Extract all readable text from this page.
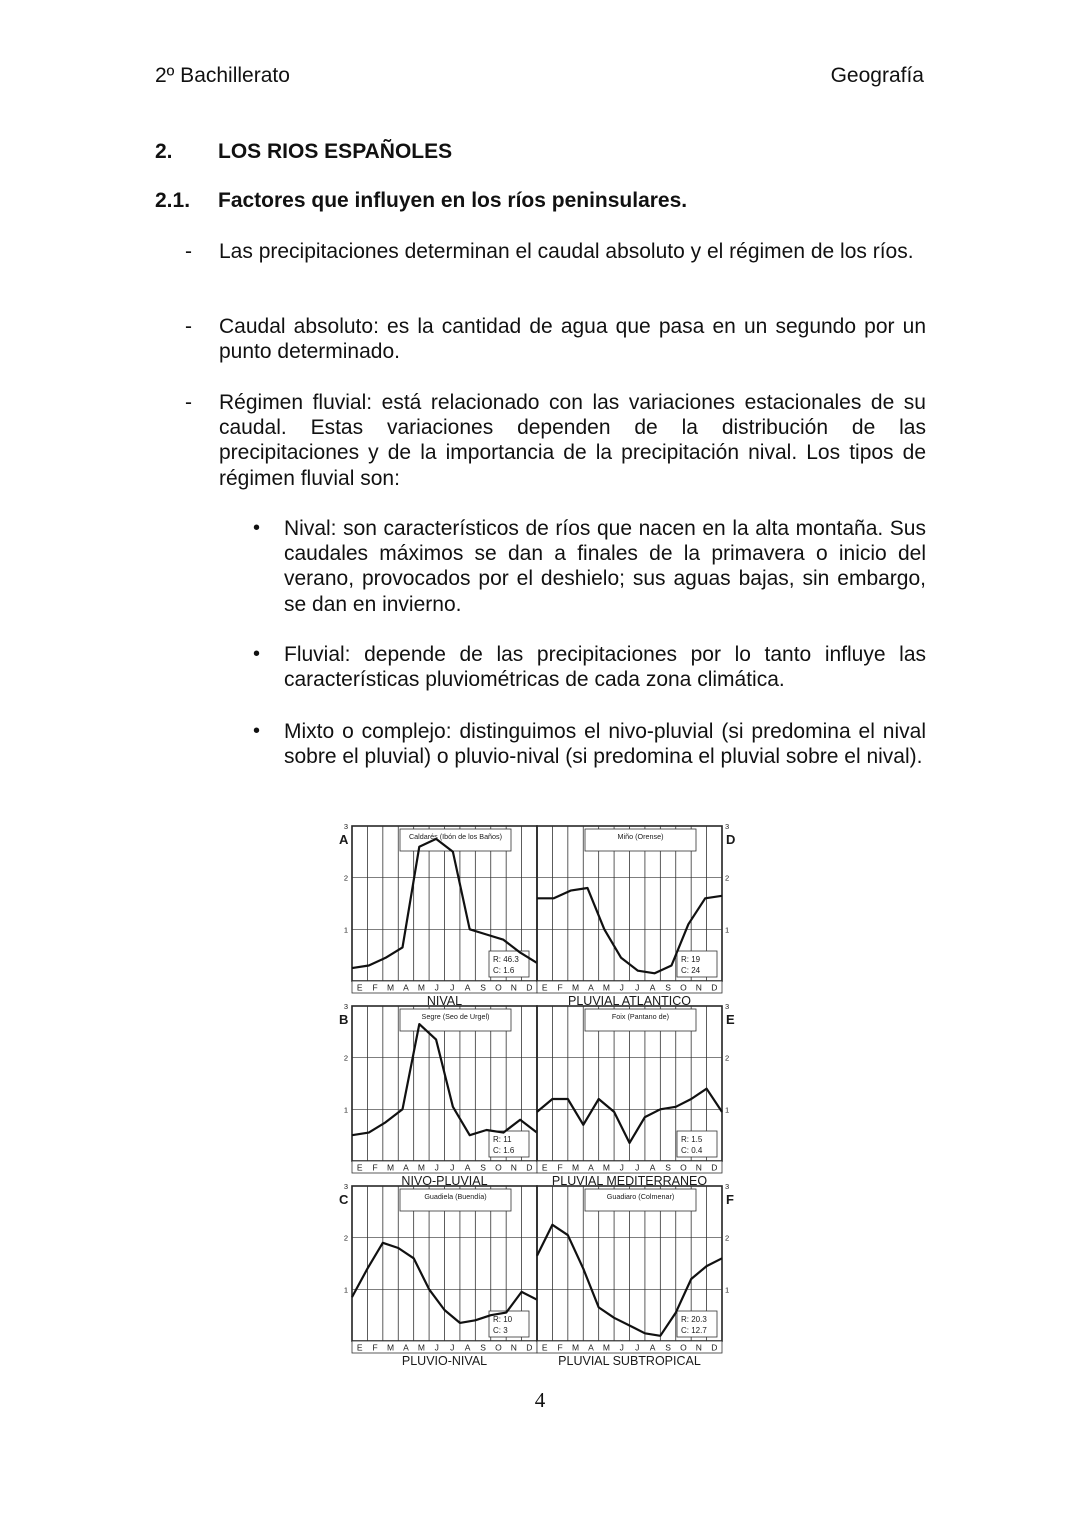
2º Bachillerato	Geografía
2. LOS RIOS ESPAÑOLES
2.1. Factores que influyen en los ríos peninsulares.
- Las precipitaciones determinan el caudal absoluto y el régimen de los ríos.
- Caudal absoluto: es la cantidad de agua que pasa en un segundo por un punto determinado.
- Régimen fluvial: está relacionado con las variaciones estacionales de su caudal. Estas variaciones dependen de la distribución de las precipitaciones y de la importancia de la precipitación nival. Los tipos de régimen fluvial son:
• Nival: son característicos de ríos que nacen en la alta montaña. Sus caudales máximos se dan a finales de la primavera o inicio del verano, provocados por el deshielo; sus aguas bajas, sin embargo, se dan en invierno.
• Fluvial: depende de las precipitaciones por lo tanto influye las características pluviométricas de cada zona climática.
• Mixto o complejo: distinguimos el nivo-pluvial (si predomina el nival sobre el pluvial) o pluvio-nival (si predomina el pluvial sobre el nival).
Caldarés (Ibón de los Baños)
R: 46.3
C: 1.6
1
2
3
A
E F M A M J J A S O N D
NIVAL
Miño (Orense)
R: 19
C: 24
1
2
3
D
E F M A M J J A S O N D
PLUVIAL ATLANTICO
Segre (Seo de Urgel)
R: 11
C: 1.6
1
2
3
B
E F M A M J J A S O N D
NIVO-PLUVIAL
Foix (Pantano de)
R: 1.5
C: 0.4
1
2
3
E
E F M A M J J A S O N D
PLUVIAL MEDITERRANEO
Guadiela (Buendía)
R: 10
C: 3
1
2
3
C
E F M A M J J A S O N D
PLUVIO-NIVAL
Guadiaro (Colmenar)
R: 20.3
C: 12.7
1
2
3
F
E F M A M J J A S O N D
PLUVIAL SUBTROPICAL
4
